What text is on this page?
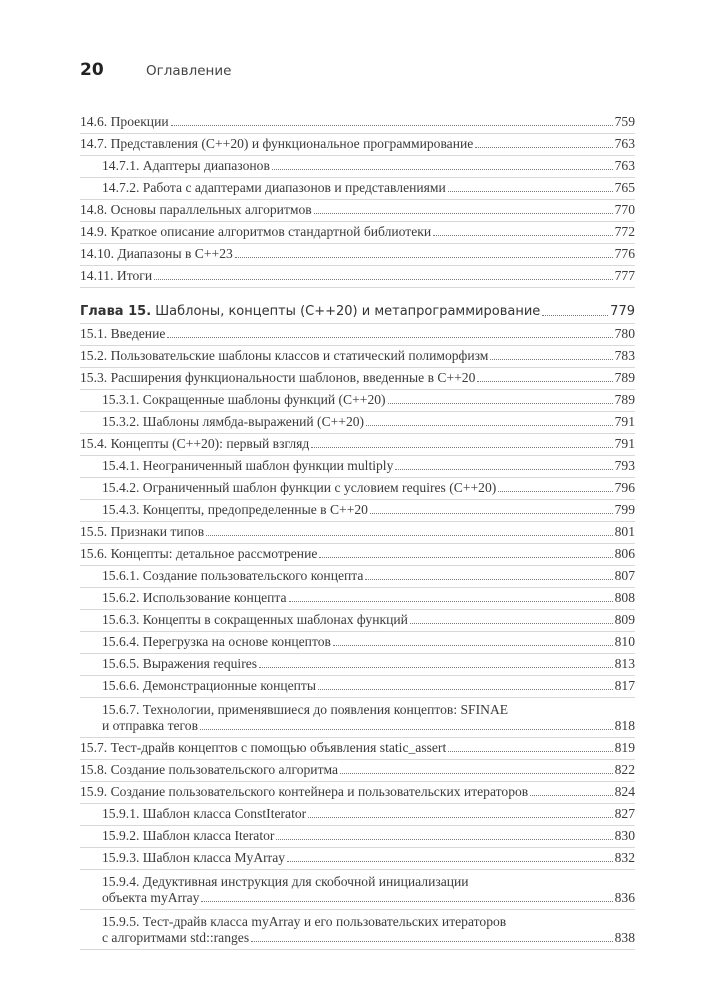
20	Оглавление
14.6. Проекции	759
14.7. Представления (C++20) и функциональное программирование	763
14.7.1. Адаптеры диапазонов	763
14.7.2. Работа с адаптерами диапазонов и представлениями	765
14.8. Основы параллельных алгоритмов	770
14.9. Краткое описание алгоритмов стандартной библиотеки	772
14.10. Диапазоны в C++23	776
14.11. Итоги	777
Глава 15. Шаблоны, концепты (C++20) и метапрограммирование	779
15.1. Введение	780
15.2. Пользовательские шаблоны классов и статический полиморфизм	783
15.3. Расширения функциональности шаблонов, введенные в C++20	789
15.3.1. Сокращенные шаблоны функций (C++20)	789
15.3.2. Шаблоны лямбда-выражений (C++20)	791
15.4. Концепты (C++20): первый взгляд	791
15.4.1. Неограниченный шаблон функции multiply	793
15.4.2. Ограниченный шаблон функции с условием requires (C++20)	796
15.4.3. Концепты, предопределенные в C++20	799
15.5. Признаки типов	801
15.6. Концепты: детальное рассмотрение	806
15.6.1. Создание пользовательского концепта	807
15.6.2. Использование концепта	808
15.6.3. Концепты в сокращенных шаблонах функций	809
15.6.4. Перегрузка на основе концептов	810
15.6.5. Выражения requires	813
15.6.6. Демонстрационные концепты	817
15.6.7. Технологии, применявшиеся до появления концептов: SFINAE
и отправка тегов	818
15.7. Тест-драйв концептов с помощью объявления static_assert	819
15.8. Создание пользовательского алгоритма	822
15.9. Создание пользовательского контейнера и пользовательских итераторов	824
15.9.1. Шаблон класса ConstIterator	827
15.9.2. Шаблон класса Iterator	830
15.9.3. Шаблон класса MyArray	832
15.9.4. Дедуктивная инструкция для скобочной инициализации
объекта myArray	836
15.9.5. Тест-драйв класса myArray и его пользовательских итераторов
с алгоритмами std::ranges	838
